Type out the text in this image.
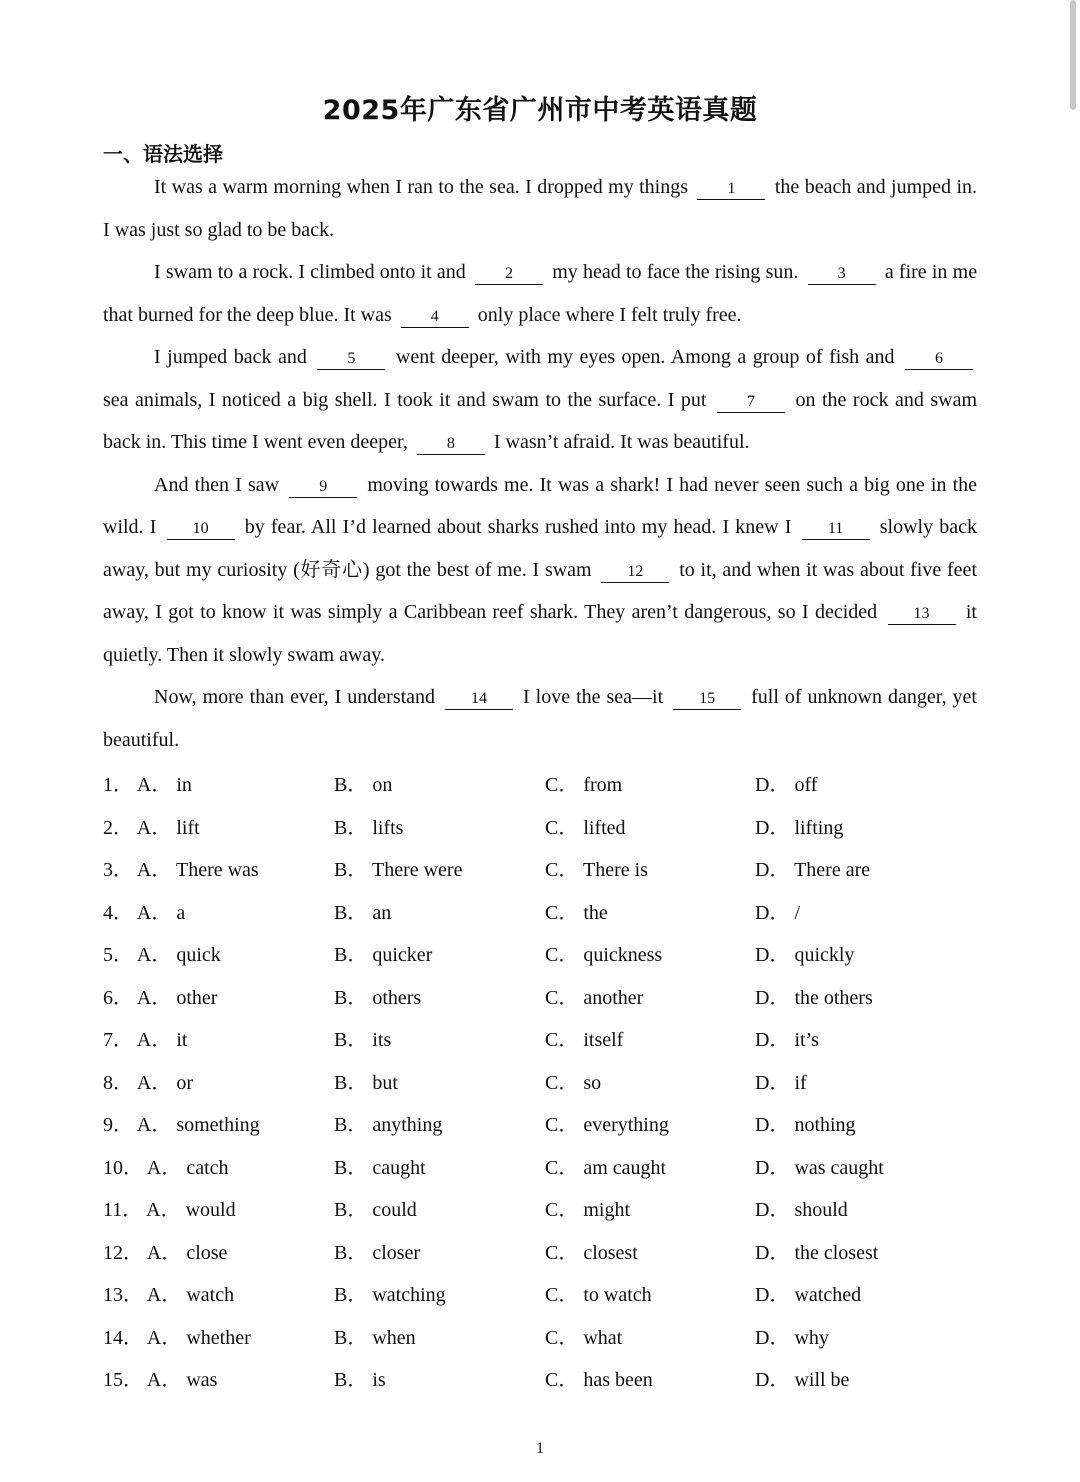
2025年广东省广州市中考英语真题
一、语法选择

It was a warm morning when I ran to the sea. I dropped my things 1 the beach and jumped in. I was just so glad to be back.

I swam to a rock. I climbed onto it and 2 my head to face the rising sun. 3 a fire in me that burned for the deep blue. It was 4 only place where I felt truly free.

I jumped back and	5 went deeper, with my eyes open. Among a group of fish and	6 sea animals, I noticed a big shell. I took it and swam to the surface. I put	7 on the rock and swam back in. This time I went even deeper, 8 I wasn’t afraid. It was beautiful.

And then I saw	9 moving towards me. It was a shark! I had never seen such a big one in the wild. I 10 by fear. All I’d learned about sharks rushed into my head. I knew I 11 slowly back away, but my curiosity (好奇心) got the best of me. I swam 12 to it, and when it was about five feet away, I got to know it was simply a Caribbean reef shark. They aren’t dangerous, so I decided 13 it quietly. Then it slowly swam away.

Now, more than ever, I understand 14 I love the sea—it 15 full of unknown danger, yet beautiful.

1． A． in	B． on	C． from	D． off
2． A． lift	B． lifts	C． lifted	D． lifting
3． A． There was	B． There were	C． There is	D． There are
4． A． a	B． an	C． the	D． /
5． A． quick	B． quicker	C． quickness	D． quickly
6． A． other	B． others	C． another	D． the others
7． A． it	B． its	C． itself	D． it’s
8． A． or	B． but	C． so	D． if
9． A． something	B． anything	C． everything	D． nothing
10． A． catch	B． caught	C． am caught	D． was caught
11． A． would	B． could	C． might	D． should
12． A． close	B． closer	C． closest	D． the closest
13． A． watch	B． watching	C． to watch	D． watched
14． A． whether	B． when	C． what	D． why
15． A． was	B． is	C． has been	D． will be
1
